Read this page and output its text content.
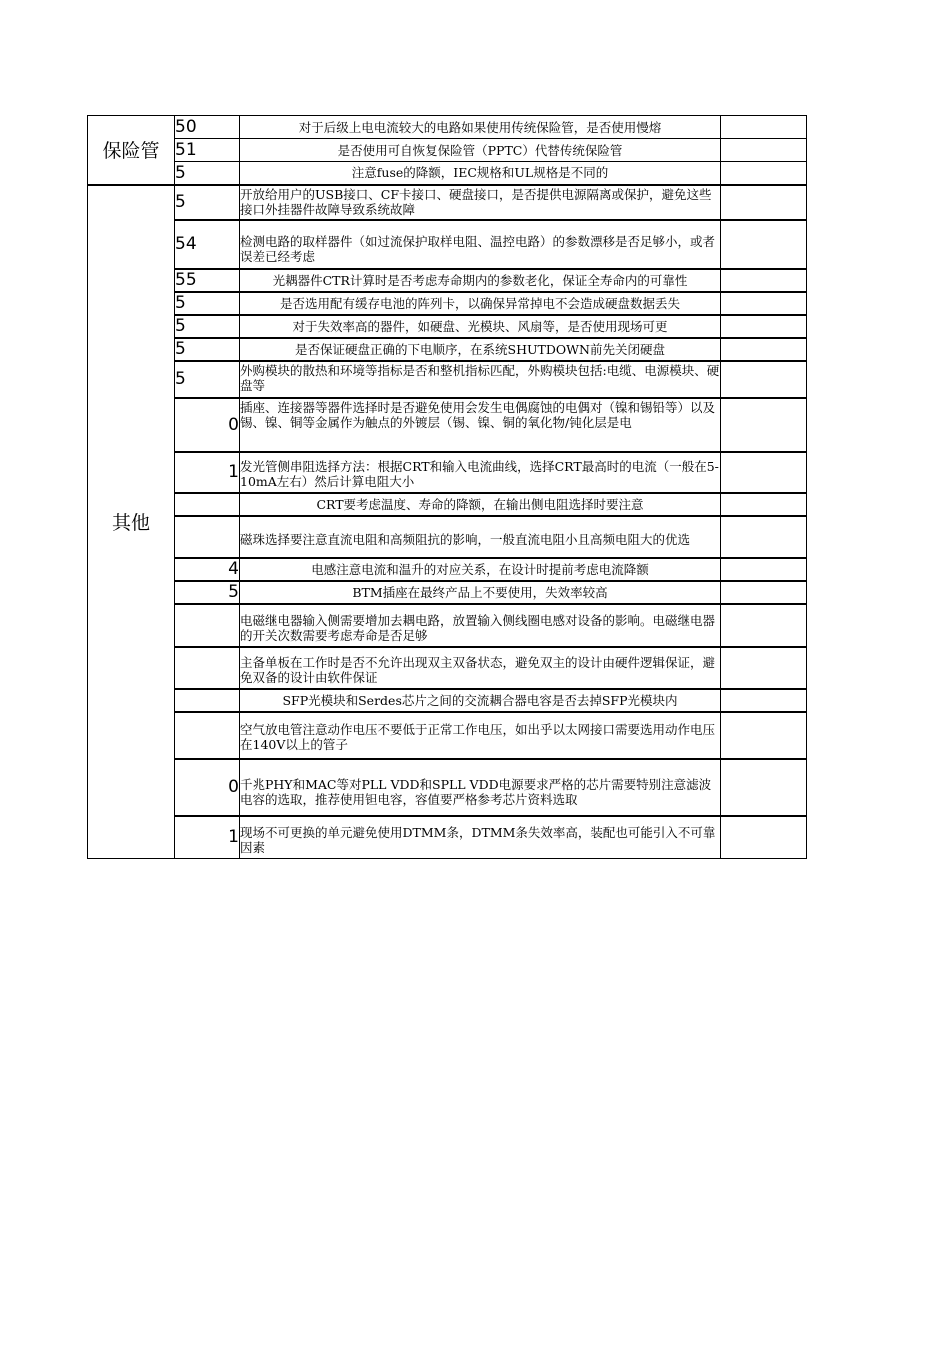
保险管	50	对于后级上电电流较大的电路如果使用传统保险管，是否使用慢熔	
	51	是否使用可自恢复保险管（PPTC）代替传统保险管	
	5	注意fuse的降额，IEC规格和UL规格是不同的	
其他	5	开放给用户的USB接口、CF卡接口、硬盘接口，是否提供电源隔离或保护，避免这些接口外挂器件故障导致系统故障	

	54	检测电路的取样器件（如过流保护取样电阻、温控电路）的参数漂移是否足够小，或者误差已经考虑	

	55	光耦器件CTR计算时是否考虑寿命期内的参数老化，保证全寿命内的可靠性	
	5	是否选用配有缓存电池的阵列卡，以确保异常掉电不会造成硬盘数据丢失	
	5	对于失效率高的器件，如硬盘、光模块、风扇等，是否使用现场可更	
	5	是否保证硬盘正确的下电顺序，在系统SHUTDOWN前先关闭硬盘	
	5	外购模块的散热和环境等指标是否和整机指标匹配，外购模块包括:电缆、电源模块、硬盘等	

	0	插座、连接器等器件选择时是否避免使用会发生电偶腐蚀的电偶对（镍和锡铅等）以及锡、镍、铜等金属作为触点的外镀层（锡、镍、铜的氧化物/钝化层是电	

	1	发光管侧串阻选择方法：根据CRT和输入电流曲线，选择CRT最高时的电流（一般在5-10mA左右）然后计算电阻大小	

		CRT要考虑温度、寿命的降额，在输出侧电阻选择时要注意	

		磁珠选择要注意直流电阻和高频阻抗的影响，一般直流电阻小且高频电阻大的优选	

	4	电感注意电流和温升的对应关系，在设计时提前考虑电流降额	
	5	BTM插座在最终产品上不要使用，失效率较高	

		电磁继电器输入侧需要增加去耦电路，放置输入侧线圈电感对设备的影响。电磁继电器的开关次数需要考虑寿命是否足够	

		主备单板在工作时是否不允许出现双主双备状态，避免双主的设计由硬件逻辑保证，避免双备的设计由软件保证	

		SFP光模块和Serdes芯片之间的交流耦合器电容是否去掉SFP光模块内	

		空气放电管注意动作电压不要低于正常工作电压，如出乎以太网接口需要选用动作电压在140V以上的管子	

	0	千兆PHY和MAC等对PLL VDD和SPLL VDD电源要求严格的芯片需要特别注意滤波电容的选取，推荐使用钽电容，容值要严格参考芯片资料选取	

	1	现场不可更换的单元避免使用DTMM条，DTMM条失效率高，装配也可能引入不可靠因素	
